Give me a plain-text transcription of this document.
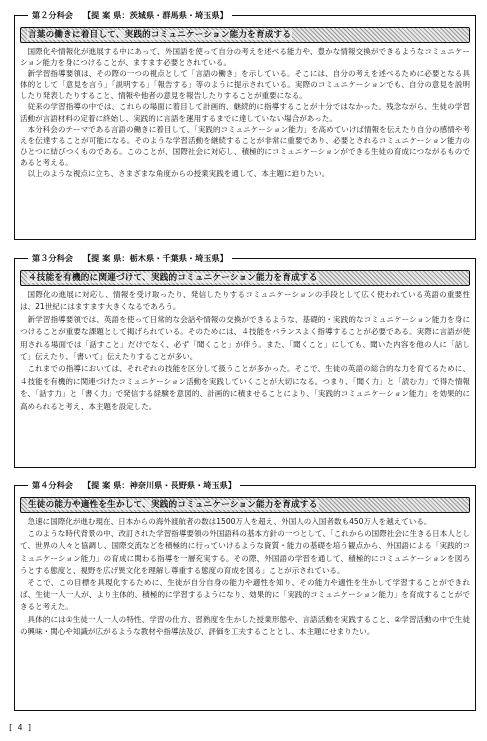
第２分科会 【提 案 県：茨城県・群馬県・埼玉県】
言葉の働きに着目して、実践的コミュニケーション能力を育成する

国際化や情報化が進展する中にあって、外国語を使って自分の考えを述べる能力や、豊かな情報交換ができるようなコミュニケーション能力を身につけることが、ますます必要とされている。

新学習指導要領は、その際の一つの視点として「言語の働き」を示している。そこには、自分の考えを述べるために必要となる具体的として「意見を言う」「説明する」「報告する」等のように提示されている。実際のコミュニケーションでも、自分の意見を説明したり発表したりすること、情報や他者の意見を報告したりすることが重要になる。

従来の学習指導の中では、これらの場面に着目して計画的、継続的に指導することが十分ではなかった。残念ながら、生徒の学習活動が言語材料の定着に終始し、実践的に言語を運用するまでに達していない場合があった。

本分科会のテーマである言語の働きに着目して、「実践的コミュニケーション能力」を高めていけば情報を伝えたり自分の感情や考えを伝達することが可能になる。そのような学習活動を継続することが非常に重要であり、必要とされるコミュニケーション能力のひとつに結びつくものである。このことが、国際社会に対応し、積極的にコミュニケーションができる生徒の育成につながるものであると考える。

以上のような視点に立ち、さまざまな角度からの授業実践を通して、本主題に迫りたい。

第３分科会 【提 案 県：栃木県・千葉県・埼玉県】
４技能を有機的に関連づけて、実践的コミュニケーション能力を育成する

国際化の進展に対応し、情報を受け取ったり、発信したりするコミュニケーションの手段として広く使われている英語の重要性は、21世紀にはますます大きくなるであろう。

新学習指導要領では、英語を使って日常的な会話や情報の交換ができるような、基礎的・実践的なコミュニケーション能力を身につけることが重要な課題として掲げられている。そのためには、４技能をバランスよく指導することが必要である。実際に言語が使用される場面では「話すこと」だけでなく、必ず「聞くこと」が伴う。また、「聞くこと」にしても、聞いた内容を他の人に「話して」伝えたり、「書いて」伝えたりすることが多い。

これまでの指導においては、それぞれの技能を区分して扱うことが多かった。そこで、生徒の英語の総合的な力を育てるために、４技能を有機的に関連づけたコミュニケーション活動を実践していくことが大切になる。つまり、「聞く力」と「読む力」で得た情報を、「話す力」と「書く力」で発信する経験を意図的、計画的に積ませることにより、「実践的コミュニケーション能力」を効果的に高められると考え、本主題を設定した。

第４分科会 【提 案 県：神奈川県・長野県・埼玉県】
生徒の能力や適性を生かして、実践的コミュニケーション能力を育成する

急速に国際化が進む現在、日本からの海外渡航者の数は1500万人を超え、外国人の入国者数も450万人を越えている。

このような時代背景の中、改訂された学習指導要領の外国語科の基本方針の一つとして、「これからの国際社会に生きる日本人として、世界の人々と協調し、国際交流などを積極的に行っていけるような資質・能力の基礎を培う観点から、外国語による「実践的コミュニケーション能力」の育成に関わる指導を一層充実する。その際、外国語の学習を通して、積極的にコミュニケーションを図ろうとする態度と、視野を広げ異文化を理解し尊重する態度の育成を図る」ことが示されている。

そこで、この目標を具現化するために、生徒が自分自身の能力や適性を知り、その能力や適性を生かして学習することができれば、生徒一人一人が、より主体的、積極的に学習するようになり、効果的に「実践的コミュニケーション能力」を育成することができると考えた。

具体的には①生徒一人一人の特性、学習の仕方、習熟度を生かした授業形態や、言語活動を実践すること、②学習活動の中で生徒の興味・関心や知識が広がるような教材や指導法及び、評価を工夫することとし、本主題にせまりたい。

[ 4 ]
